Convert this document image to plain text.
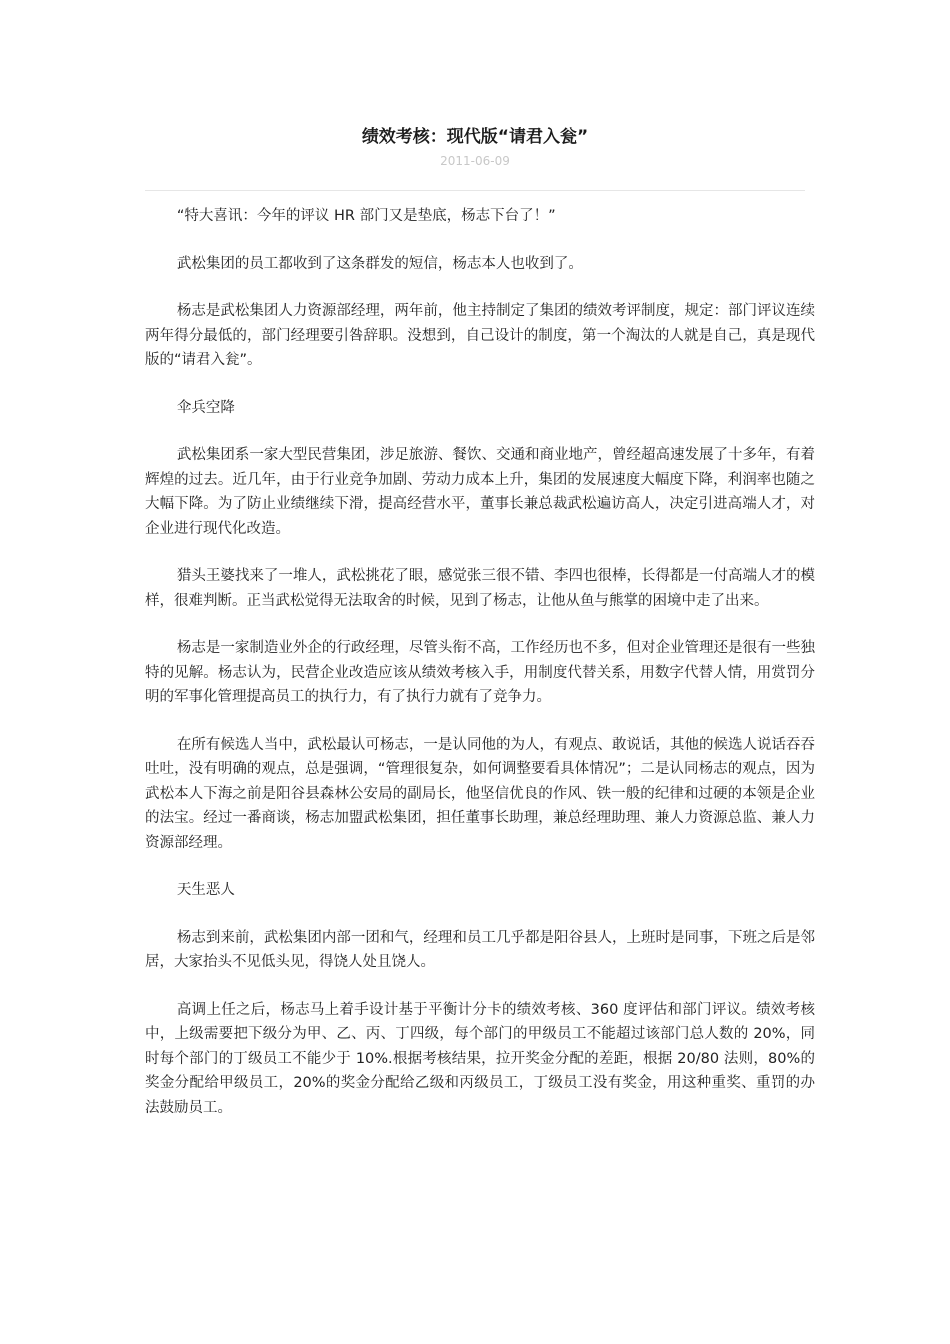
绩效考核：现代版“请君入瓮”
2011-06-09

“特大喜讯：今年的评议 HR 部门又是垫底，杨志下台了！”

武松集团的员工都收到了这条群发的短信，杨志本人也收到了。

杨志是武松集团人力资源部经理，两年前，他主持制定了集团的绩效考评制度，规定：部门评议连续两年得分最低的，部门经理要引咎辞职。没想到，自己设计的制度，第一个淘汰的人就是自己，真是现代版的“请君入瓮”。

伞兵空降

武松集团系一家大型民营集团，涉足旅游、餐饮、交通和商业地产，曾经超高速发展了十多年，有着辉煌的过去。近几年，由于行业竞争加剧、劳动力成本上升，集团的发展速度大幅度下降，利润率也随之大幅下降。为了防止业绩继续下滑，提高经营水平，董事长兼总裁武松遍访高人，决定引进高端人才，对企业进行现代化改造。

猎头王婆找来了一堆人，武松挑花了眼，感觉张三很不错、李四也很棒，长得都是一付高端人才的模样，很难判断。正当武松觉得无法取舍的时候，见到了杨志，让他从鱼与熊掌的困境中走了出来。

杨志是一家制造业外企的行政经理，尽管头衔不高，工作经历也不多，但对企业管理还是很有一些独特的见解。杨志认为，民营企业改造应该从绩效考核入手，用制度代替关系，用数字代替人情，用赏罚分明的军事化管理提高员工的执行力，有了执行力就有了竞争力。

在所有候选人当中，武松最认可杨志，一是认同他的为人，有观点、敢说话，其他的候选人说话吞吞吐吐，没有明确的观点，总是强调，“管理很复杂，如何调整要看具体情况”；二是认同杨志的观点，因为武松本人下海之前是阳谷县森林公安局的副局长，他坚信优良的作风、铁一般的纪律和过硬的本领是企业的法宝。经过一番商谈，杨志加盟武松集团，担任董事长助理，兼总经理助理、兼人力资源总监、兼人力资源部经理。

天生恶人

杨志到来前，武松集团内部一团和气，经理和员工几乎都是阳谷县人，上班时是同事，下班之后是邻居，大家抬头不见低头见，得饶人处且饶人。

高调上任之后，杨志马上着手设计基于平衡计分卡的绩效考核、360 度评估和部门评议。绩效考核中，上级需要把下级分为甲、乙、丙、丁四级，每个部门的甲级员工不能超过该部门总人数的 20%，同时每个部门的丁级员工不能少于 10%.根据考核结果，拉开奖金分配的差距，根据 20/80 法则，80%的奖金分配给甲级员工，20%的奖金分配给乙级和丙级员工，丁级员工没有奖金，用这种重奖、重罚的办法鼓励员工。
